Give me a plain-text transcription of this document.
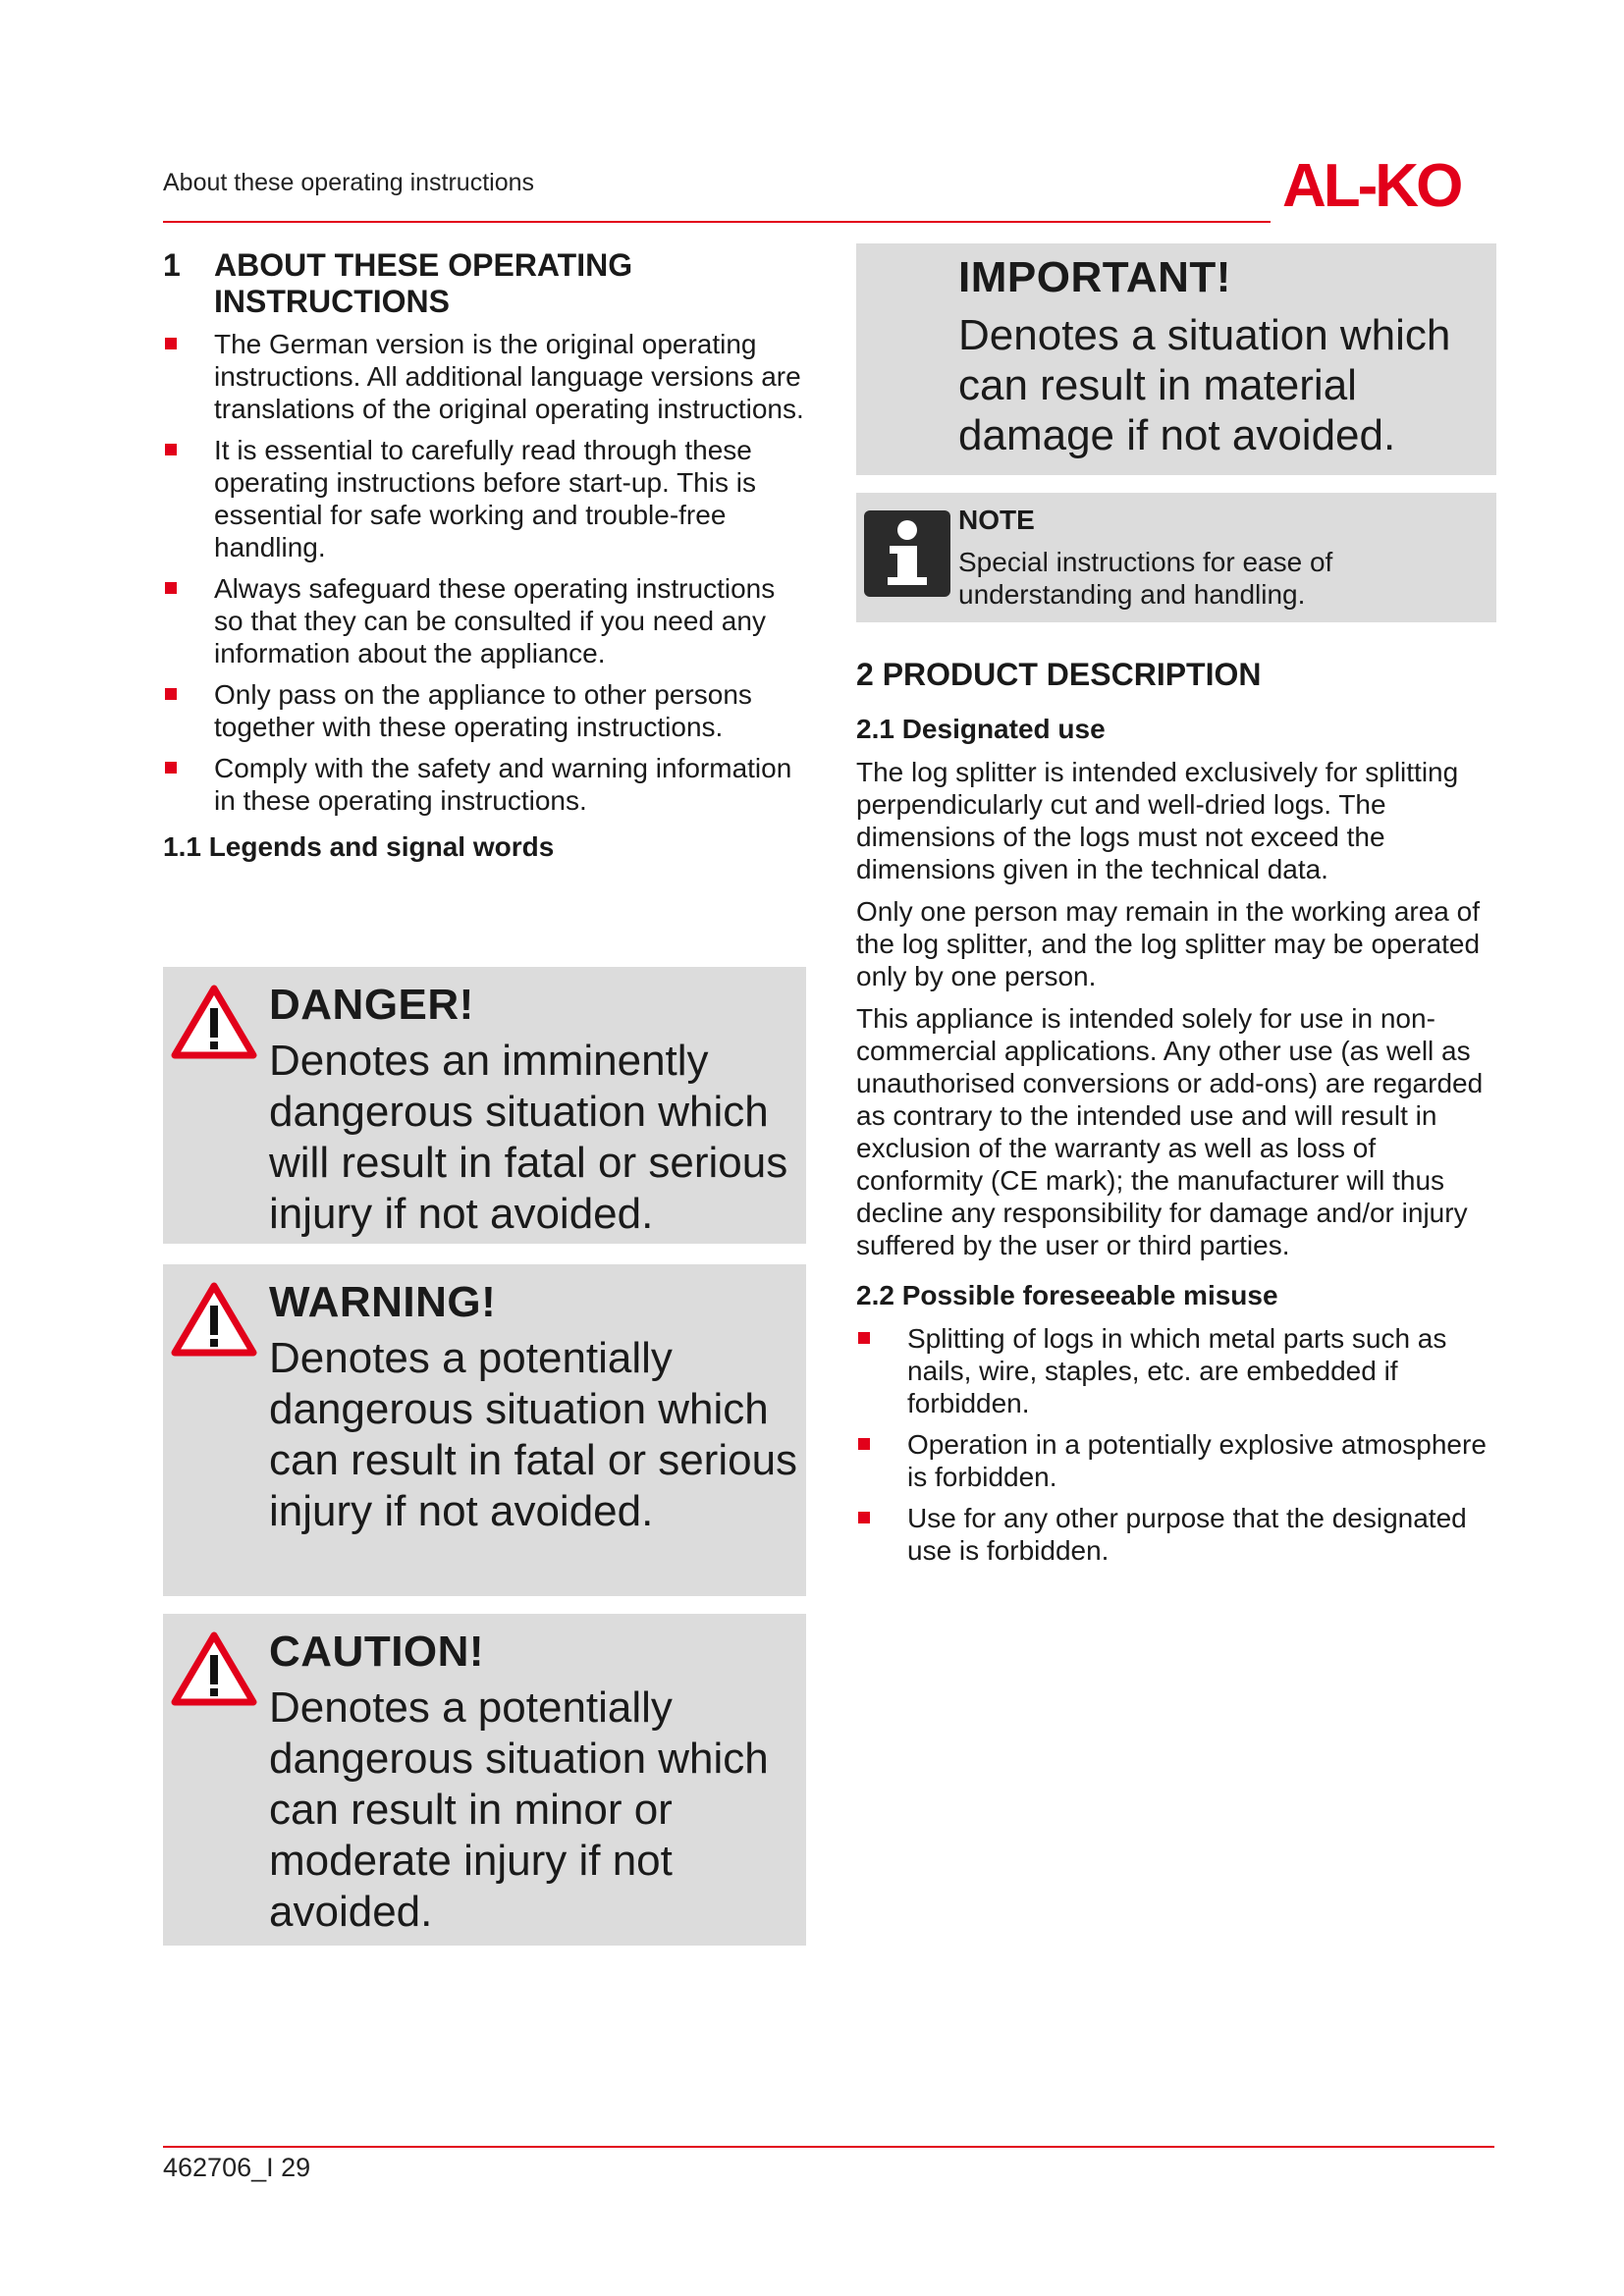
About these operating instructions	AL-KO
1 ABOUT THESE OPERATING
INSTRUCTIONS
The German version is the original operating instructions. All additional language versions are translations of the original operating instructions.
It is essential to carefully read through these operating instructions before start-up. This is essential for safe working and trouble-free handling.
Always safeguard these operating instructions so that they can be consulted if you need any information about the appliance.
Only pass on the appliance to other persons together with these operating instructions.
Comply with the safety and warning information in these operating instructions.
1.1 Legends and signal words
DANGER!
Denotes an imminently dangerous situation which will result in fatal or serious injury if not avoided.
WARNING!
Denotes a potentially dangerous situation which can result in fatal or serious injury if not avoided.
CAUTION!
Denotes a potentially dangerous situation which can result in minor or moderate injury if not avoided.
IMPORTANT!
Denotes a situation which can result in material damage if not avoided.
NOTE
Special instructions for ease of understanding and handling.
2 PRODUCT DESCRIPTION
2.1 Designated use

The log splitter is intended exclusively for splitting perpendicularly cut and well-dried logs. The dimensions of the logs must not exceed the dimensions given in the technical data.

Only one person may remain in the working area of the log splitter, and the log splitter may be operated only by one person.

This appliance is intended solely for use in non-commercial applications. Any other use (as well as unauthorised conversions or add-ons) are regarded as contrary to the intended use and will result in exclusion of the warranty as well as loss of conformity (CE mark); the manufacturer will thus decline any responsibility for damage and/or injury suffered by the user or third parties.

2.2 Possible foreseeable misuse
Splitting of logs in which metal parts such as nails, wire, staples, etc. are embedded if forbidden.
Operation in a potentially explosive atmosphere is forbidden.
Use for any other purpose that the designated use is forbidden.
462706_I 29
